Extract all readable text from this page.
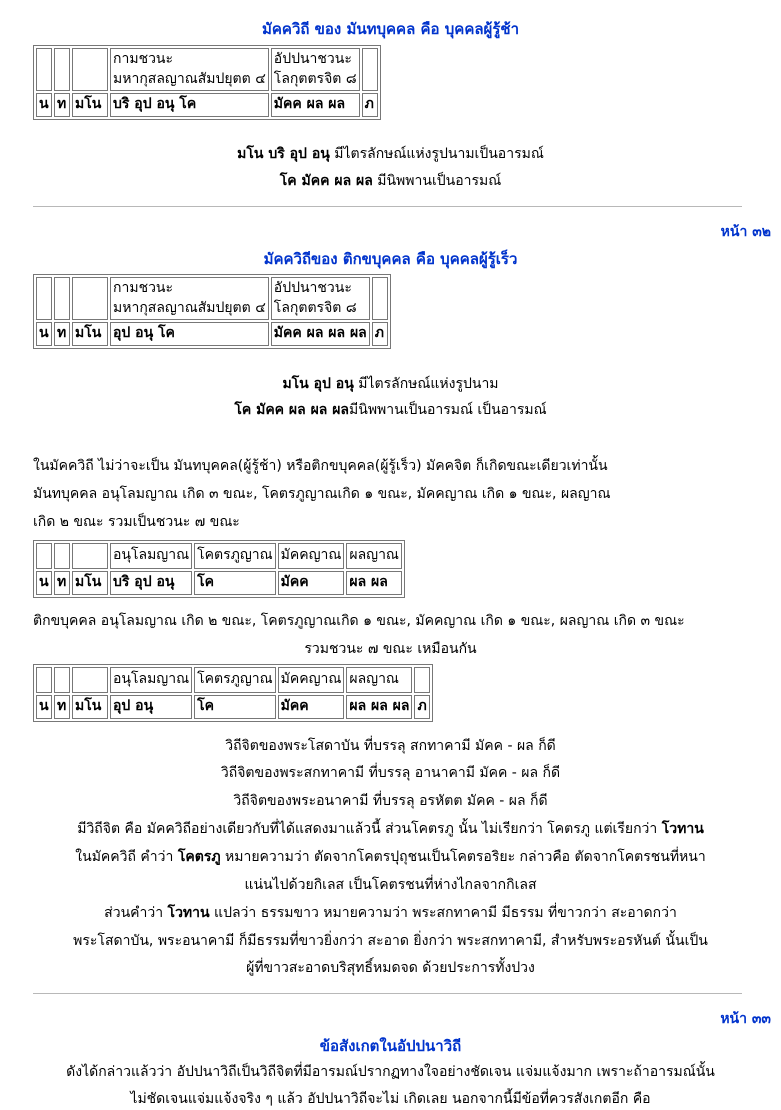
มัคควิถี ของ มันทบุคคล คือ บุคคลผู้รู้ช้า
			กามชวนะ
มหากุสลญาณสัมปยุตต ๔	อัปปนาชวนะ
โลกุตตรจิต ๘	
น	ท	มโน	บริ อุป อนุ โค	มัคค ผล ผล	ภ
มโน บริ อุป อนุ มีไตรลักษณ์แห่งรูปนามเป็นอารมณ์
โค มัคค ผล ผล มีนิพพานเป็นอารมณ์
หน้า ๓๒
มัคควิถีของ ติกขบุคคล คือ บุคคลผู้รู้เร็ว
			กามชวนะ
มหากุสลญาณสัมปยุตต ๔	อัปปนาชวนะ
โลกุตตรจิต ๘	
น	ท	มโน	อุป อนุ โค	มัคค ผล ผล ผล	ภ
มโน อุป อนุ มีไตรลักษณ์แห่งรูปนาม
โค มัคค ผล ผล ผลมีนิพพานเป็นอารมณ์ เป็นอารมณ์
ในมัคควิถี ไม่ว่าจะเป็น มันทบุคคล(ผู้รู้ช้า) หรือติกขบุคคล(ผู้รู้เร็ว) มัคคจิต ก็เกิดขณะเดียวเท่านั้น
มันทบุคคล อนุโลมญาณ เกิด ๓ ขณะ, โคตรภูญาณเกิด ๑ ขณะ, มัคคญาณ เกิด ๑ ขณะ, ผลญาณ
เกิด ๒ ขณะ รวมเป็นชวนะ ๗ ขณะ
			อนุโลมญาณ	โคตรภูญาณ	มัคคญาณ	ผลญาณ
น	ท	มโน	บริ อุป อนุ	โค	มัคค	ผล ผล
ติกขบุคคล อนุโลมญาณ เกิด ๒ ขณะ, โคตรภูญาณเกิด ๑ ขณะ, มัคคญาณ เกิด ๑ ขณะ, ผลญาณ เกิด ๓ ขณะ
รวมชวนะ ๗ ขณะ เหมือนกัน
			อนุโลมญาณ	โคตรภูญาณ	มัคคญาณ	ผลญาณ	
น	ท	มโน	อุป อนุ	โค	มัคค	ผล ผล ผล	ภ
วิถีจิตของพระโสดาบัน ที่บรรลุ สกทาคามี มัคค - ผล ก็ดี
วิถีจิตของพระสกทาคามี ที่บรรลุ อานาคามี มัคค - ผล ก็ดี
วิถีจิตของพระอนาคามี ที่บรรลุ อรหัตต มัคค - ผล ก็ดี
มีวิถีจิต คือ มัคควิถีอย่างเดียวกับที่ได้แสดงมาแล้วนี้ ส่วนโคตรภู นั้น ไม่เรียกว่า โคตรภู แต่เรียกว่า โวทาน
ในมัคควิถี คำว่า โคตรภู หมายความว่า ตัดจากโคตรปุถุชนเป็นโคตรอริยะ กล่าวคือ ตัดจากโคตรชนที่หนา
แน่นไปด้วยกิเลส เป็นโคตรชนที่ห่างไกลจากกิเลส
ส่วนคำว่า โวทาน แปลว่า ธรรมขาว หมายความว่า พระสกทาคามี มีธรรม ที่ขาวกว่า สะอาดกว่า
พระโสดาบัน, พระอนาคามี ก็มีธรรมที่ขาวยิ่งกว่า สะอาด ยิ่งกว่า พระสกทาคามี, สำหรับพระอรหันต์ นั้นเป็น
ผู้ที่ขาวสะอาดบริสุทธิ์หมดจด ด้วยประการทั้งปวง
หน้า ๓๓
ข้อสังเกตในอัปปนาวิถี
ดังได้กล่าวแล้วว่า อัปปนาวิถีเป็นวิถีจิตที่มีอารมณ์ปรากฏทางใจอย่างชัดเจน แจ่มแจ้งมาก เพราะถ้าอารมณ์นั้น
ไม่ชัดเจนแจ่มแจ้งจริง ๆ แล้ว อัปปนาวิถีจะไม่ เกิดเลย นอกจากนี้มีข้อที่ควรสังเกตอีก คือ
